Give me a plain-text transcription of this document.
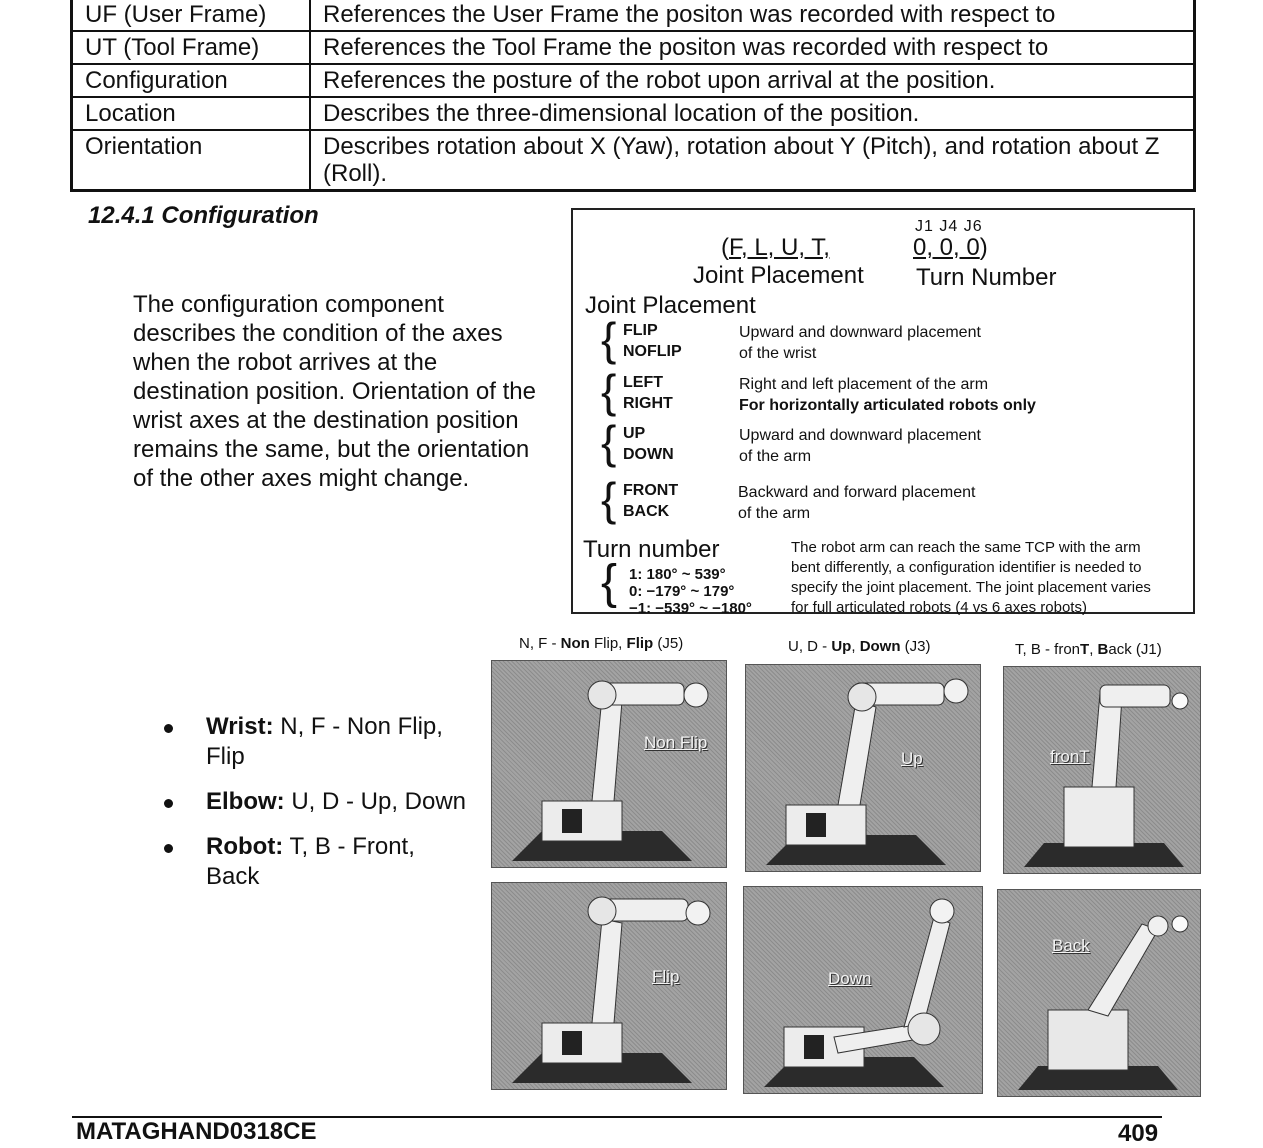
UF (User Frame)	References the User Frame the positon was recorded with respect to
UT (Tool Frame)	References the Tool Frame the positon was recorded with respect to
Configuration	References the posture of the robot upon arrival at the position.
Location	Describes the three-dimensional location of the position.
Orientation	Describes rotation about X (Yaw), rotation about Y (Pitch), and rotation about Z (Roll).
12.4.1 Configuration

The configuration component describes the condition of the axes when the robot arrives at the destination position. Orientation of the wrist axes at the destination position remains the same, but the orientation of the other axes might change.

J1 J4 J6
(F, L, U, T,	0, 0, 0)
Joint Placement Turn Number
Joint Placement
{ FLIP
NOFLIP
Upward and downward placement
of the wrist
{ LEFT
RIGHT
Right and left placement of the arm
For horizontally articulated robots only
{ UP
DOWN
Upward and downward placement
of the arm
{ FRONT
BACK
Backward and forward placement
of the arm
Turn number
{ 1: 180° ~ 539°
0: −179° ~ 179°
−1: −539° ~ −180°
The robot arm can reach the same TCP with the arm
bent differently, a configuration identifier is needed to
specify the joint placement. The joint placement varies
for full articulated robots (4 vs 6 axes robots)
Wrist: N, F - Non Flip, Flip
Elbow: U, D - Up, Down
Robot: T, B - Front, Back
N, F - Non Flip, Flip (J5)	U, D - Up, Down (J3)	T, B - fronT, Back (J1)
Non Flip
Up	fronT
Flip	Down
Back
MATAGHAND0318CE	409
